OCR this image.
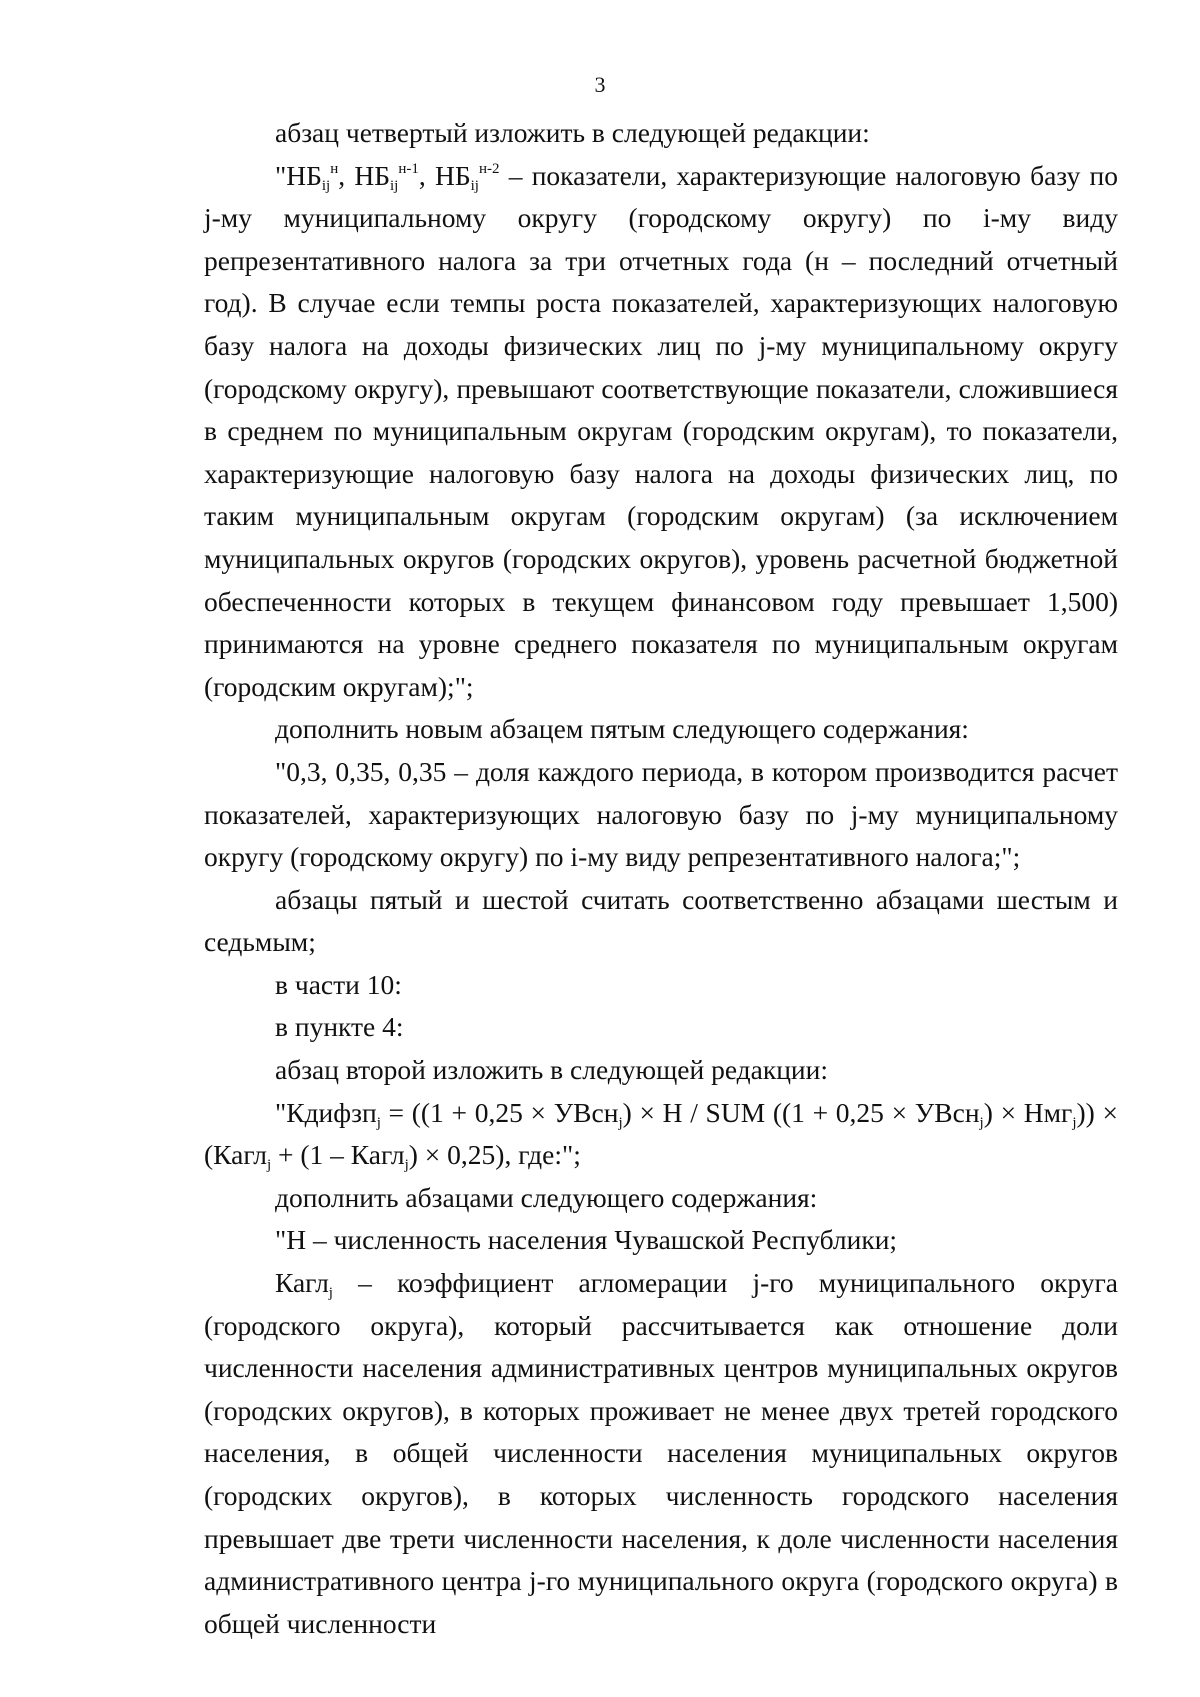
3

абзац четвертый изложить в следующей редакции:

"$НБ_{ij}^н$, $НБ_{ij}^{н-1}$, $НБ_{ij}^{н-2}$ – показатели, характеризующие налоговую базу по j-му муниципальному округу (городскому округу) по i-му виду репрезентативного налога за три отчетных года (н – последний отчетный год). В случае если темпы роста показателей, характеризующих налоговую базу налога на доходы физических лиц по j-му муниципальному округу (городскому округу), превышают соответствующие показатели, сложившиеся в среднем по муниципальным округам (городским округам), то показатели, характеризующие налоговую базу налога на доходы физических лиц, по таким муниципальным округам (городским округам) (за исключением муниципальных округов (городских округов), уровень расчетной бюджетной обеспеченности которых в текущем финансовом году превышает 1,500) принимаются на уровне среднего показателя по муниципальным округам (городским округам);";

дополнить новым абзацем пятым следующего содержания:

"0,3, 0,35, 0,35 – доля каждого периода, в котором производится расчет показателей, характеризующих налоговую базу по j-му муниципальному округу (городскому округу) по i-му виду репрезентативного налога;";

абзацы пятый и шестой считать соответственно абзацами шестым и седьмым;

в части 10:

в пункте 4:

абзац второй изложить в следующей редакции:

"Кдифзп$_j$ = ((1 + 0,25 × УВсн$_j$) × Н / SUM ((1 + 0,25 × УВсн$_j$) × Нмг$_j$)) × (Кагл$_j$ + (1 – Кагл$_j$) × 0,25), где:";

дополнить абзацами следующего содержания:

"Н – численность населения Чувашской Республики;

Кагл$_j$ – коэффициент агломерации j-го муниципального округа (городского округа), который рассчитывается как отношение доли численности населения административных центров муниципальных округов (городских округов), в которых проживает не менее двух третей городского населения, в общей численности населения муниципальных округов (городских округов), в которых численность городского населения превышает две трети численности населения, к доле численности населения административного центра j-го муниципального округа (городского округа) в общей численности
